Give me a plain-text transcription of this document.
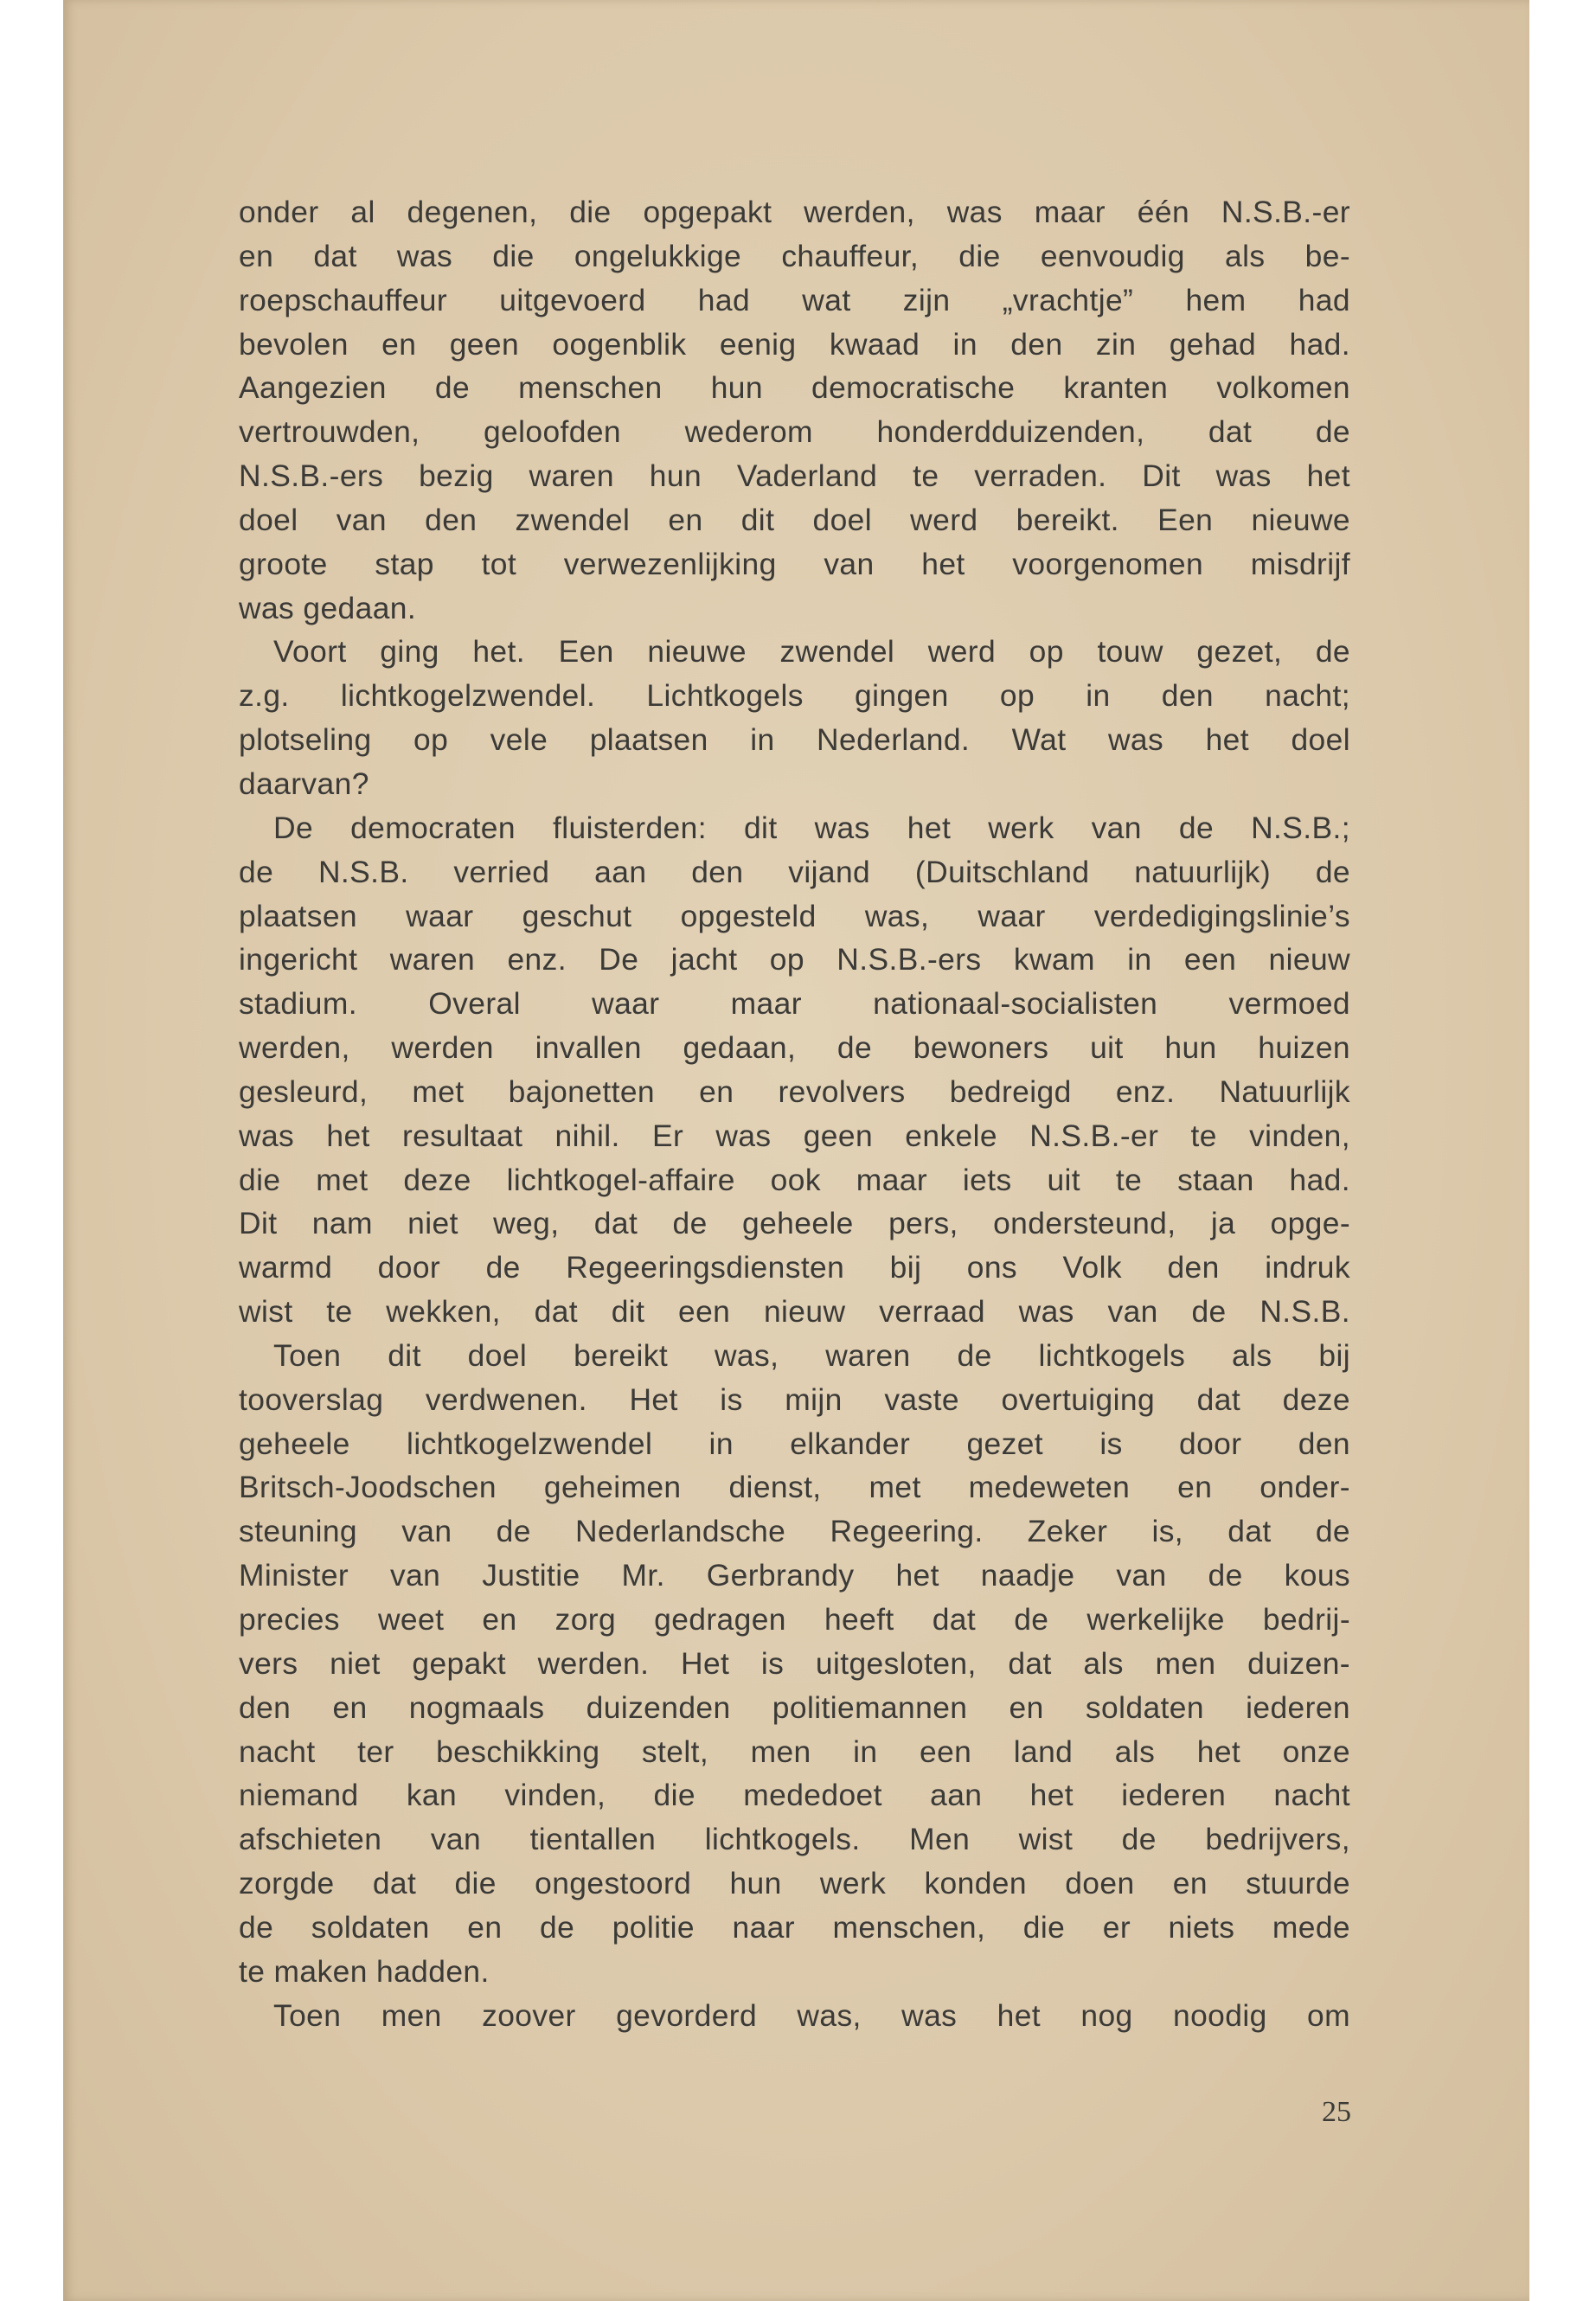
onder al degenen, die opgepakt werden, was maar één N.S.B.-er
en dat was die ongelukkige chauffeur, die eenvoudig als be-
roepschauffeur uitgevoerd had wat zijn „vrachtje” hem had
bevolen en geen oogenblik eenig kwaad in den zin gehad had.
Aangezien de menschen hun democratische kranten volkomen
vertrouwden, geloofden wederom honderdduizenden, dat de
N.S.B.-ers bezig waren hun Vaderland te verraden. Dit was het
doel van den zwendel en dit doel werd bereikt. Een nieuwe
groote stap tot verwezenlijking van het voorgenomen misdrijf
was gedaan.
Voort ging het. Een nieuwe zwendel werd op touw gezet, de
z.g. lichtkogelzwendel. Lichtkogels gingen op in den nacht;
plotseling op vele plaatsen in Nederland. Wat was het doel
daarvan?
De democraten fluisterden: dit was het werk van de N.S.B.;
de N.S.B. verried aan den vijand (Duitschland natuurlijk) de
plaatsen waar geschut opgesteld was, waar verdedigingslinie’s
ingericht waren enz. De jacht op N.S.B.-ers kwam in een nieuw
stadium. Overal waar maar nationaal-socialisten vermoed
werden, werden invallen gedaan, de bewoners uit hun huizen
gesleurd, met bajonetten en revolvers bedreigd enz. Natuurlijk
was het resultaat nihil. Er was geen enkele N.S.B.-er te vinden,
die met deze lichtkogel-affaire ook maar iets uit te staan had.
Dit nam niet weg, dat de geheele pers, ondersteund, ja opge-
warmd door de Regeeringsdiensten bij ons Volk den indruk
wist te wekken, dat dit een nieuw verraad was van de N.S.B.
Toen dit doel bereikt was, waren de lichtkogels als bij
tooverslag verdwenen. Het is mijn vaste overtuiging dat deze
geheele lichtkogelzwendel in elkander gezet is door den
Britsch-Joodschen geheimen dienst, met medeweten en onder-
steuning van de Nederlandsche Regeering. Zeker is, dat de
Minister van Justitie Mr. Gerbrandy het naadje van de kous
precies weet en zorg gedragen heeft dat de werkelijke bedrij-
vers niet gepakt werden. Het is uitgesloten, dat als men duizen-
den en nogmaals duizenden politiemannen en soldaten iederen
nacht ter beschikking stelt, men in een land als het onze
niemand kan vinden, die mededoet aan het iederen nacht
afschieten van tientallen lichtkogels. Men wist de bedrijvers,
zorgde dat die ongestoord hun werk konden doen en stuurde
de soldaten en de politie naar menschen, die er niets mede
te maken hadden.
Toen men zoover gevorderd was, was het nog noodig om
25
